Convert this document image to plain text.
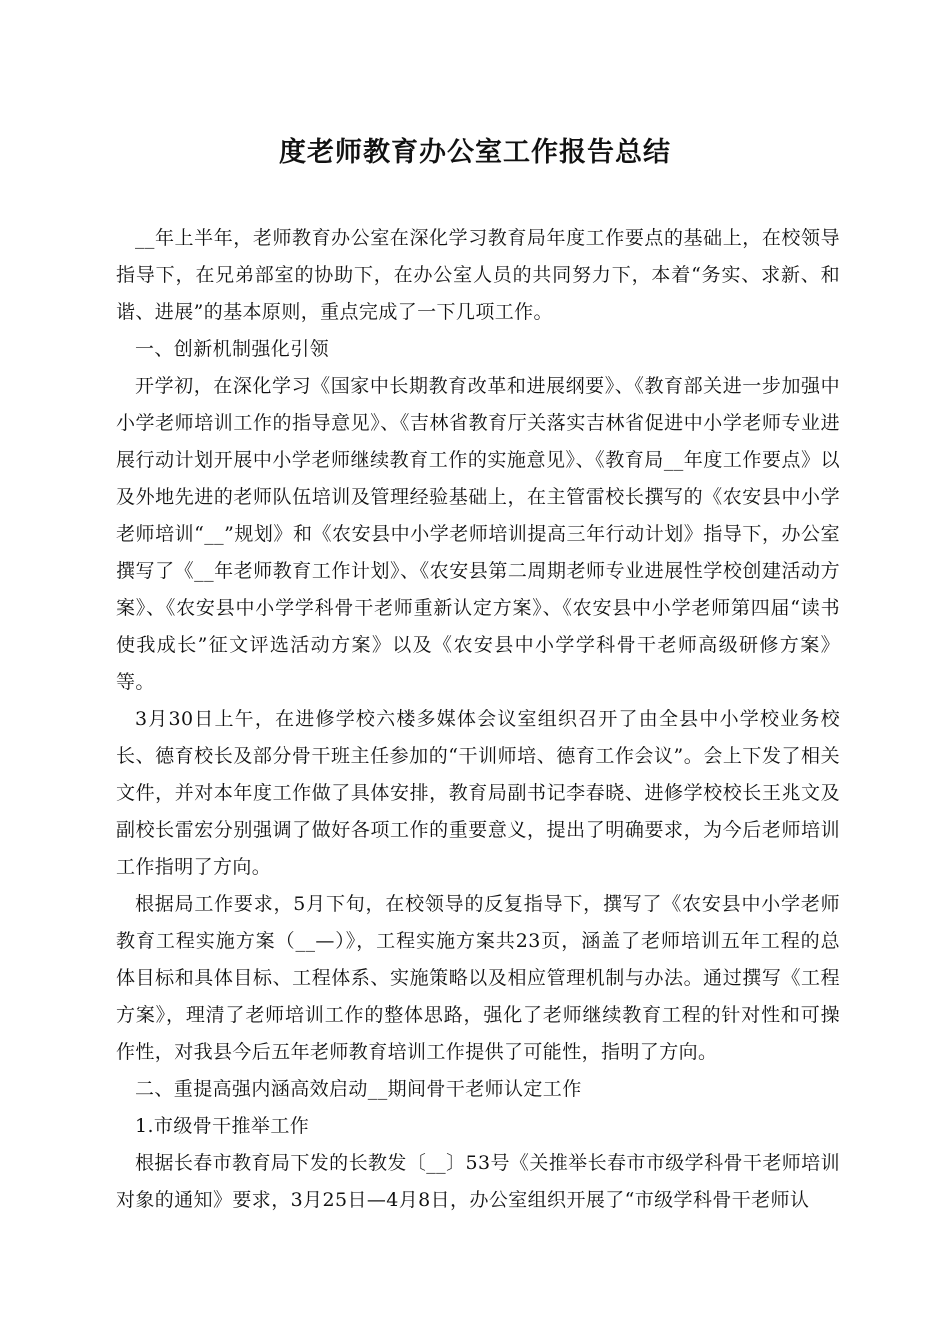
度老师教育办公室工作报告总结

__年上半年，老师教育办公室在深化学习教育局年度工作要点的基础上，在校领导指导下，在兄弟部室的协助下，在办公室人员的共同努力下，本着“务实、求新、和谐、进展”的基本原则，重点完成了一下几项工作。

一、创新机制强化引领

开学初，在深化学习《国家中长期教育改革和进展纲要》、《教育部关进一步加强中小学老师培训工作的指导意见》、《吉林省教育厅关落实吉林省促进中小学老师专业进展行动计划开展中小学老师继续教育工作的实施意见》、《教育局__年度工作要点》以及外地先进的老师队伍培训及管理经验基础上，在主管雷校长撰写的《农安县中小学老师培训“__”规划》和《农安县中小学老师培训提高三年行动计划》指导下，办公室撰写了《__年老师教育工作计划》、《农安县第二周期老师专业进展性学校创建活动方案》、《农安县中小学学科骨干老师重新认定方案》、《农安县中小学老师第四届“读书使我成长”征文评选活动方案》以及《农安县中小学学科骨干老师高级研修方案》等。

3月30日上午，在进修学校六楼多媒体会议室组织召开了由全县中小学校业务校长、德育校长及部分骨干班主任参加的“干训师培、德育工作会议”。会上下发了相关文件，并对本年度工作做了具体安排，教育局副书记李春晓、进修学校校长王兆文及副校长雷宏分别强调了做好各项工作的重要意义，提出了明确要求，为今后老师培训工作指明了方向。

根据局工作要求，5月下旬，在校领导的反复指导下，撰写了《农安县中小学老师教育工程实施方案（__—）》，工程实施方案共23页，涵盖了老师培训五年工程的总体目标和具体目标、工程体系、实施策略以及相应管理机制与办法。通过撰写《工程方案》，理清了老师培训工作的整体思路，强化了老师继续教育工程的针对性和可操作性，对我县今后五年老师教育培训工作提供了可能性，指明了方向。

二、重提高强内涵高效启动__期间骨干老师认定工作

1.市级骨干推举工作

根据长春市教育局下发的长教发〔__〕53号《关推举长春市市级学科骨干老师培训对象的通知》要求，3月25日—4月8日，办公室组织开展了“市级学科骨干老师认
